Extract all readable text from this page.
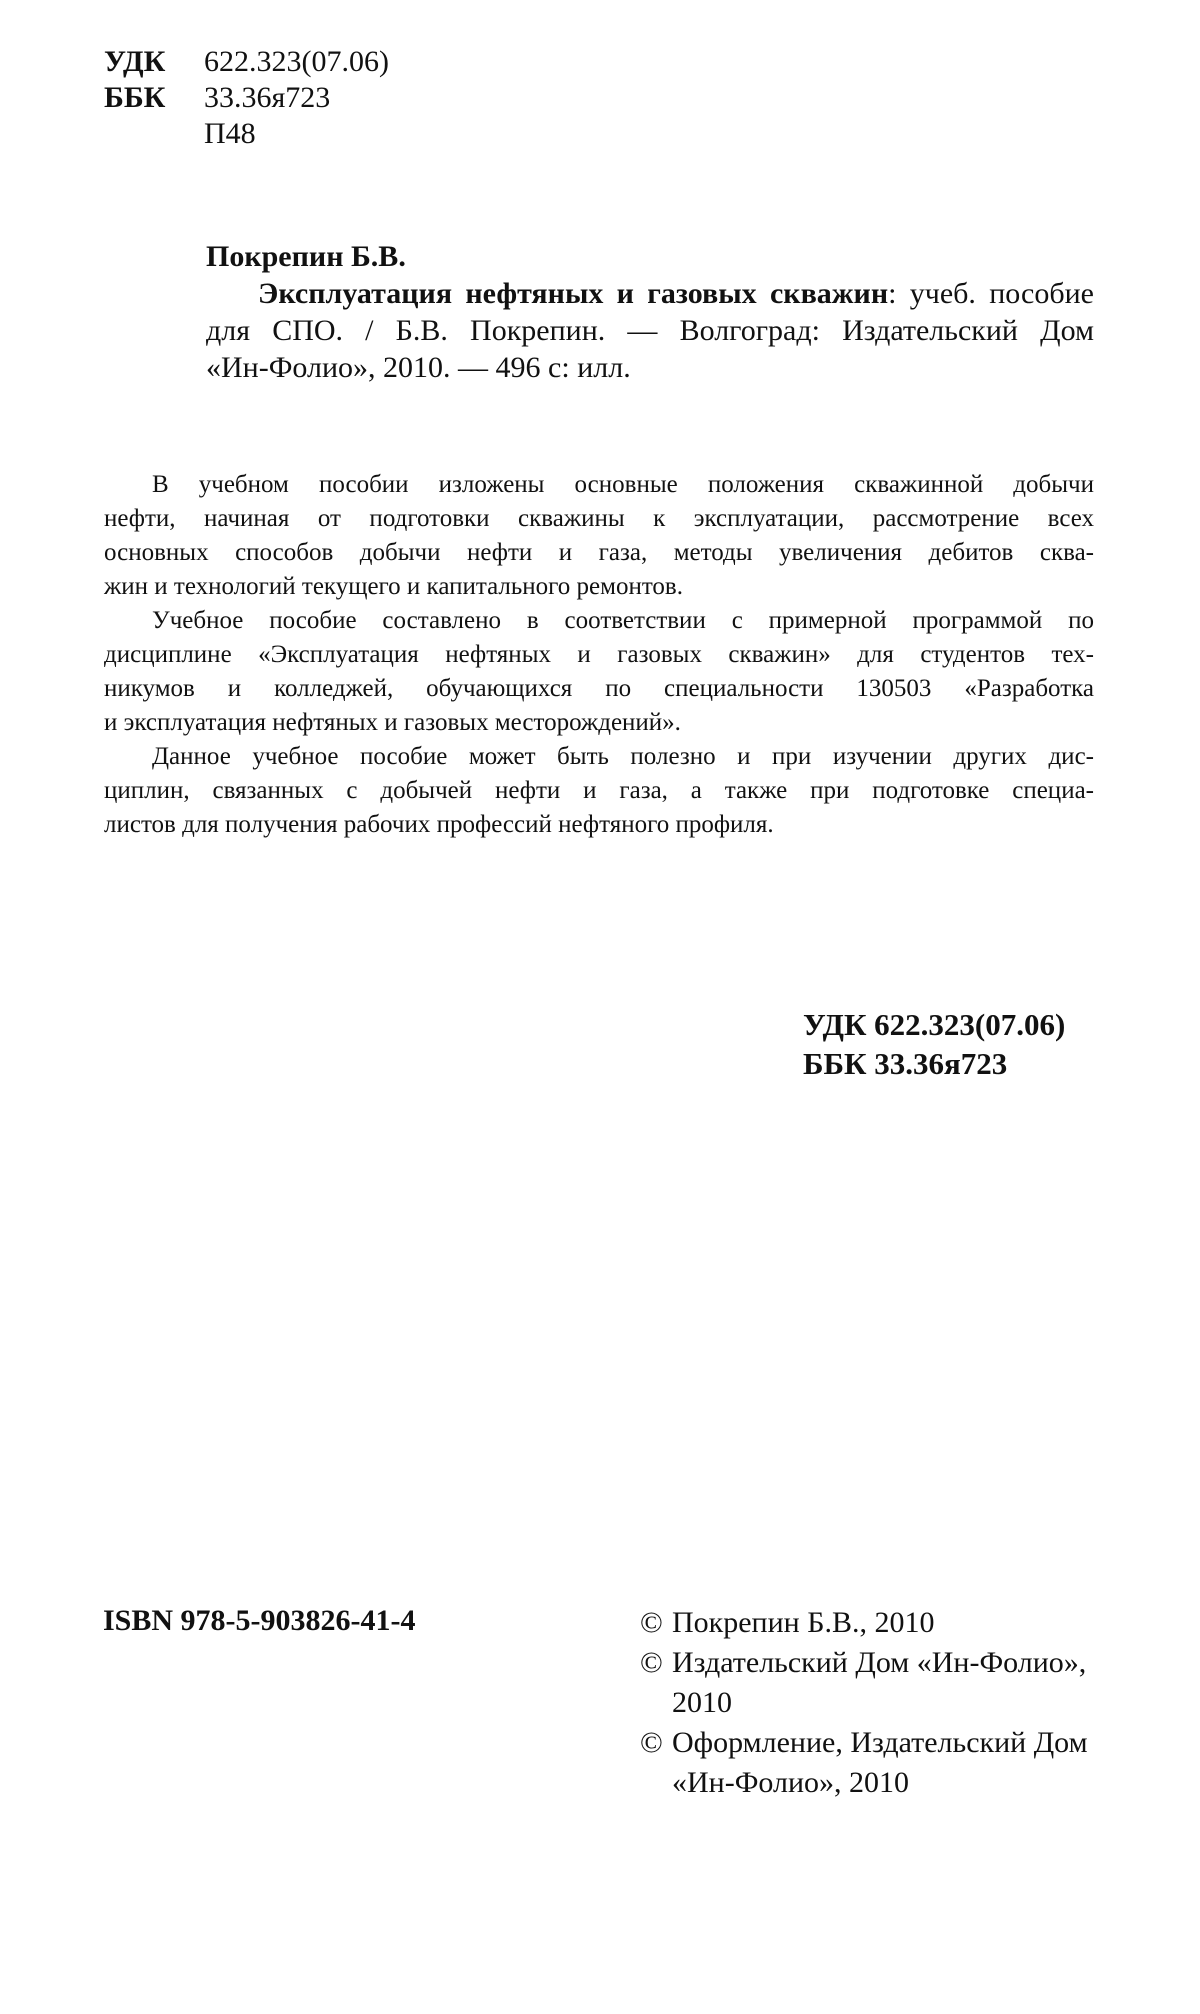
УДК	622.323(07.06)
ББК	33.36я723
П48
Покрепин Б.В.
Эксплуатация нефтяных и газовых скважин: учеб. пособие
для СПО. / Б.В. Покрепин. — Волгоград: Издательский Дом
«Ин-Фолио», 2010. — 496 с: илл.

В учебном пособии изложены основные положения скважинной добычи
нефти, начиная от подготовки скважины к эксплуатации, рассмотрение всех
основных способов добычи нефти и газа, методы увеличения дебитов сква-
жин и технологий текущего и капитального ремонтов.

Учебное пособие составлено в соответствии с примерной программой по
дисциплине «Эксплуатация нефтяных и газовых скважин» для студентов тех-
никумов и колледжей, обучающихся по специальности 130503 «Разработка
и эксплуатация нефтяных и газовых месторождений».

Данное учебное пособие может быть полезно и при изучении других дис-
циплин, связанных с добычей нефти и газа, а также при подготовке специа-
листов для получения рабочих профессий нефтяного профиля.

УДК 622.323(07.06)
ББК 33.36я723
ISBN 978-5-903826-41-4	© Покрепин Б.В., 2010
© Издательский Дом «Ин-Фолио», 2010
© Оформление, Издательский Дом «Ин-Фолио», 2010
